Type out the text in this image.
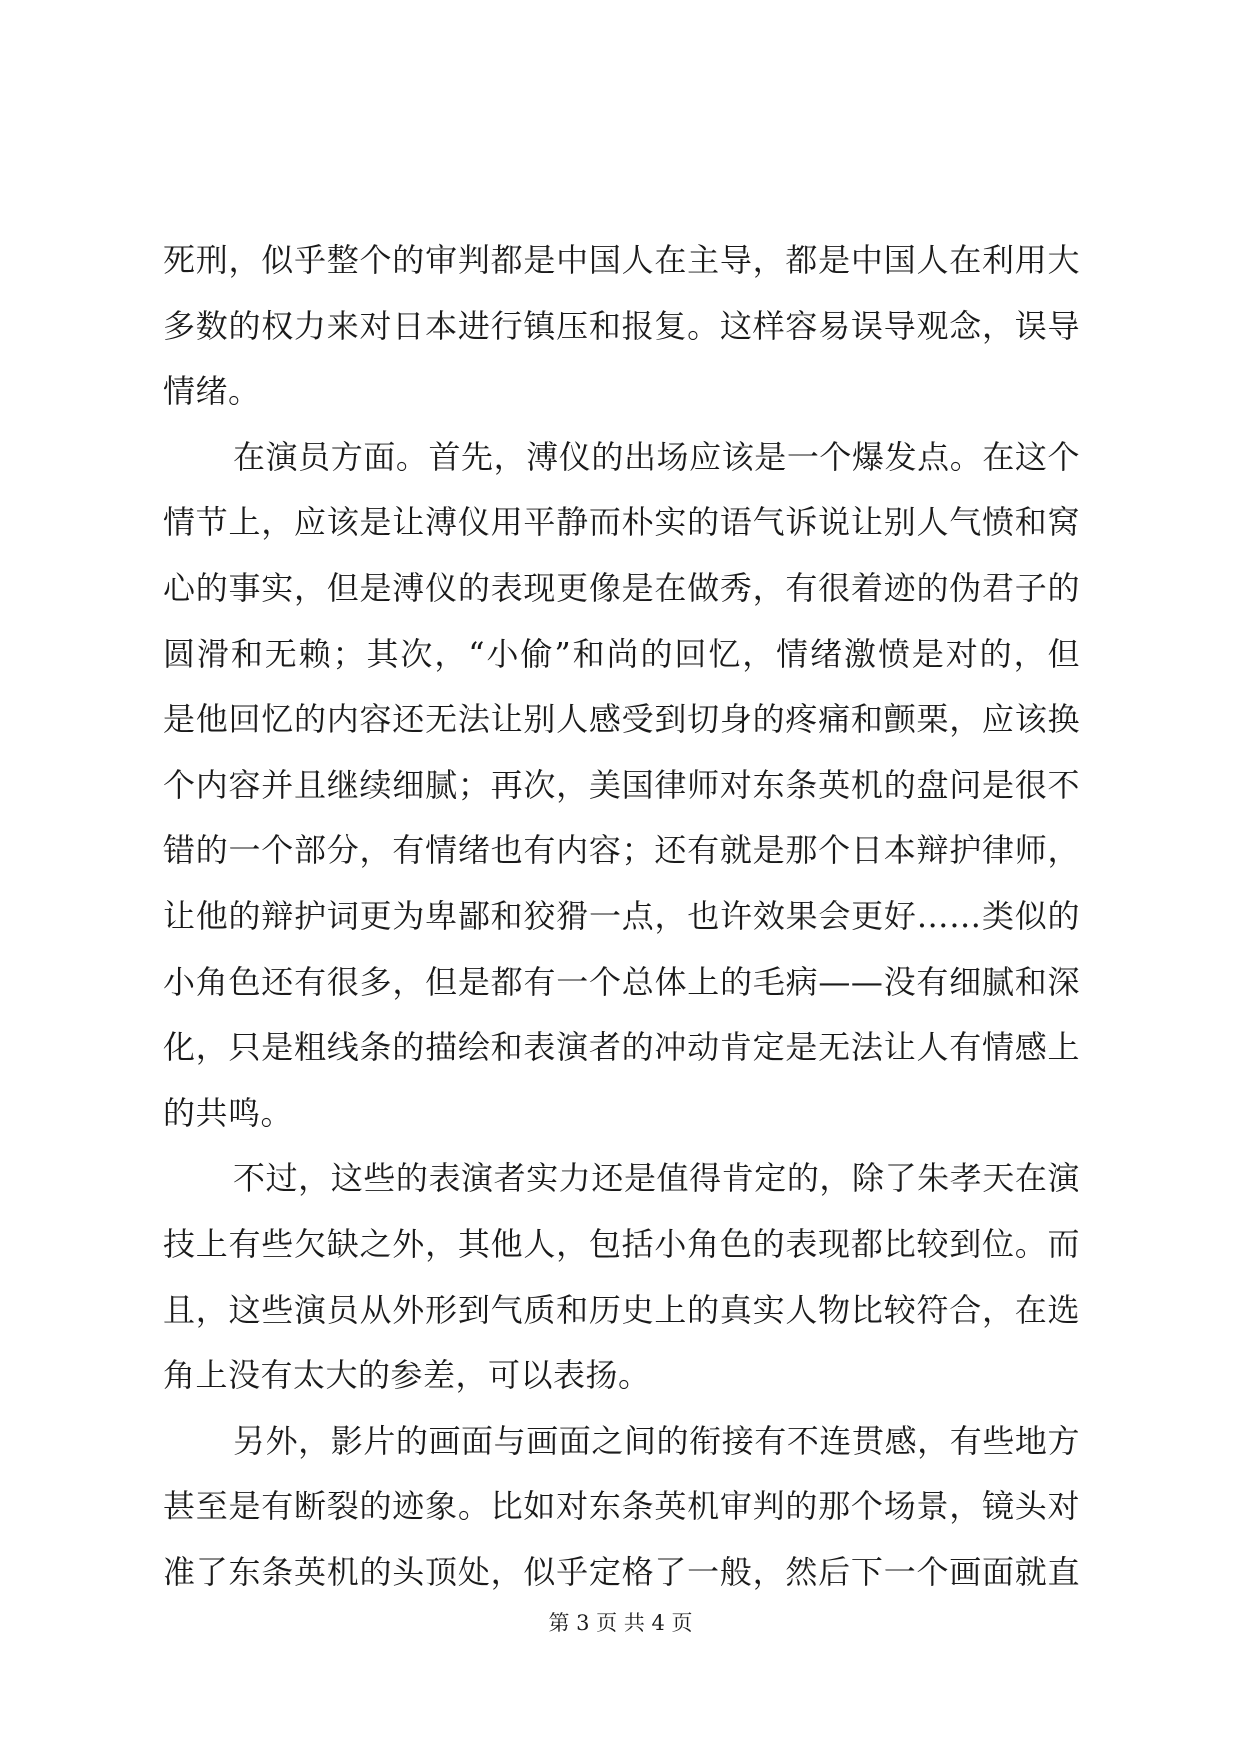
死刑，似乎整个的审判都是中国人在主导，都是中国人在利用大
多数的权力来对日本进行镇压和报复。这样容易误导观念，误导
情绪。
在演员方面。首先，溥仪的出场应该是一个爆发点。在这个
情节上，应该是让溥仪用平静而朴实的语气诉说让别人气愤和窝
心的事实，但是溥仪的表现更像是在做秀，有很着迹的伪君子的
圆滑和无赖；其次，“小偷”和尚的回忆，情绪激愤是对的，但
是他回忆的内容还无法让别人感受到切身的疼痛和颤栗，应该换
个内容并且继续细腻；再次，美国律师对东条英机的盘问是很不
错的一个部分，有情绪也有内容；还有就是那个日本辩护律师，
让他的辩护词更为卑鄙和狡猾一点，也许效果会更好……类似的
小角色还有很多，但是都有一个总体上的毛病——没有细腻和深
化，只是粗线条的描绘和表演者的冲动肯定是无法让人有情感上
的共鸣。
不过，这些的表演者实力还是值得肯定的，除了朱孝天在演
技上有些欠缺之外，其他人，包括小角色的表现都比较到位。而
且，这些演员从外形到气质和历史上的真实人物比较符合，在选
角上没有太大的参差，可以表扬。
另外，影片的画面与画面之间的衔接有不连贯感，有些地方
甚至是有断裂的迹象。比如对东条英机审判的那个场景，镜头对
准了东条英机的头顶处，似乎定格了一般，然后下一个画面就直
第 3 页 共 4 页
